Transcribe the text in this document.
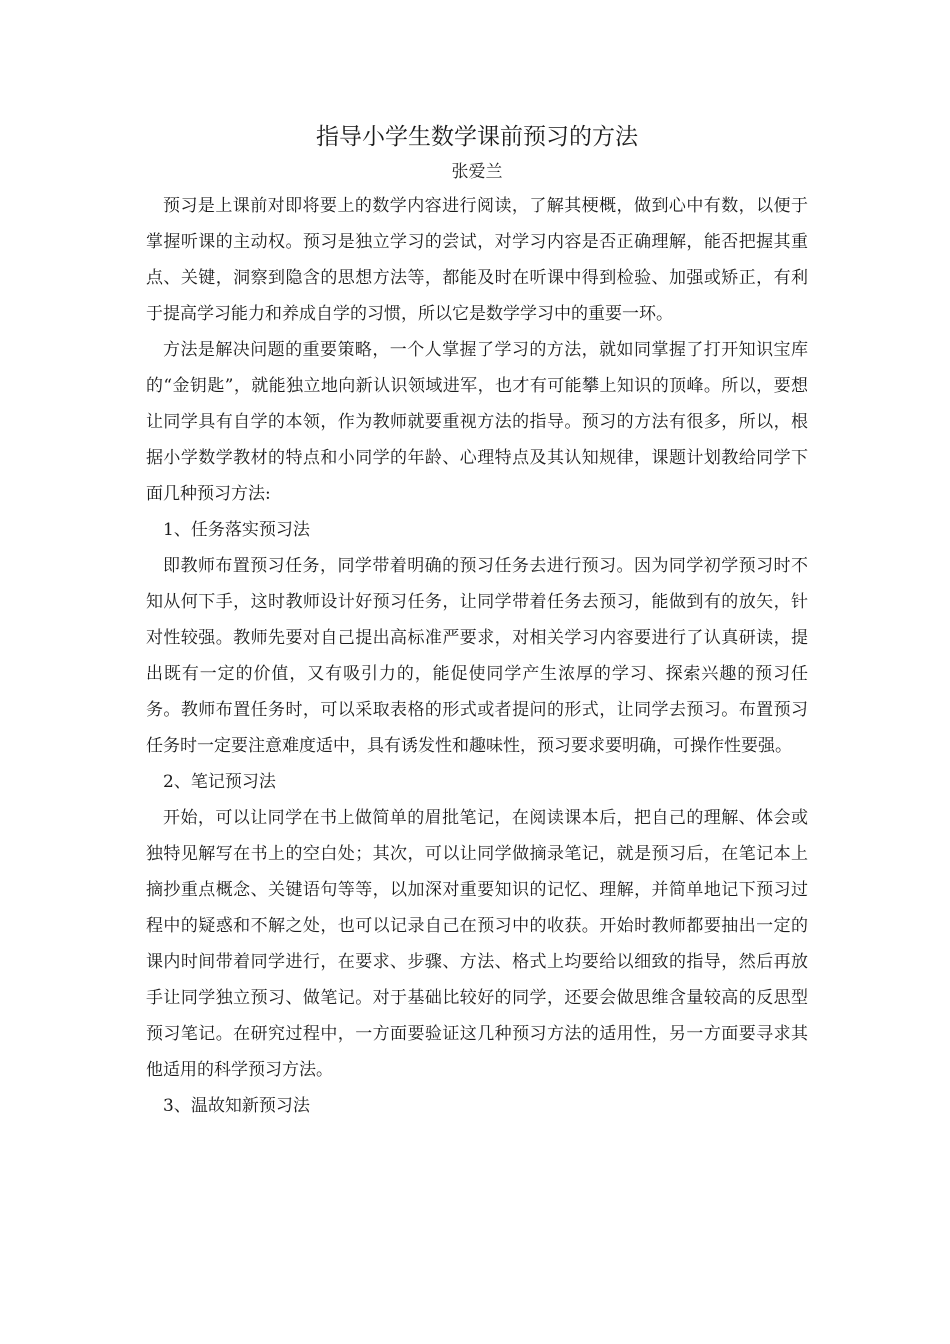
指导小学生数学课前预习的方法

张爱兰

预习是上课前对即将要上的数学内容进行阅读，了解其梗概，做到心中有数，以便于掌握听课的主动权。预习是独立学习的尝试，对学习内容是否正确理解，能否把握其重点、关键，洞察到隐含的思想方法等，都能及时在听课中得到检验、加强或矫正，有利于提高学习能力和养成自学的习惯，所以它是数学学习中的重要一环。

方法是解决问题的重要策略，一个人掌握了学习的方法，就如同掌握了打开知识宝库的“金钥匙”，就能独立地向新认识领域进军，也才有可能攀上知识的顶峰。所以，要想让同学具有自学的本领，作为教师就要重视方法的指导。预习的方法有很多，所以，根据小学数学教材的特点和小同学的年龄、心理特点及其认知规律，课题计划教给同学下面几种预习方法:

1、任务落实预习法

即教师布置预习任务，同学带着明确的预习任务去进行预习。因为同学初学预习时不知从何下手，这时教师设计好预习任务，让同学带着任务去预习，能做到有的放矢，针对性较强。教师先要对自己提出高标准严要求，对相关学习内容要进行了认真研读，提出既有一定的价值，又有吸引力的，能促使同学产生浓厚的学习、探索兴趣的预习任务。教师布置任务时，可以采取表格的形式或者提问的形式，让同学去预习。布置预习任务时一定要注意难度适中，具有诱发性和趣味性，预习要求要明确，可操作性要强。

2、笔记预习法

开始，可以让同学在书上做简单的眉批笔记，在阅读课本后，把自己的理解、体会或独特见解写在书上的空白处；其次，可以让同学做摘录笔记，就是预习后，在笔记本上摘抄重点概念、关键语句等等，以加深对重要知识的记忆、理解，并简单地记下预习过程中的疑惑和不解之处，也可以记录自己在预习中的收获。开始时教师都要抽出一定的课内时间带着同学进行，在要求、步骤、方法、格式上均要给以细致的指导，然后再放手让同学独立预习、做笔记。对于基础比较好的同学，还要会做思维含量较高的反思型预习笔记。在研究过程中，一方面要验证这几种预习方法的适用性，另一方面要寻求其他适用的科学预习方法。

3、温故知新预习法
